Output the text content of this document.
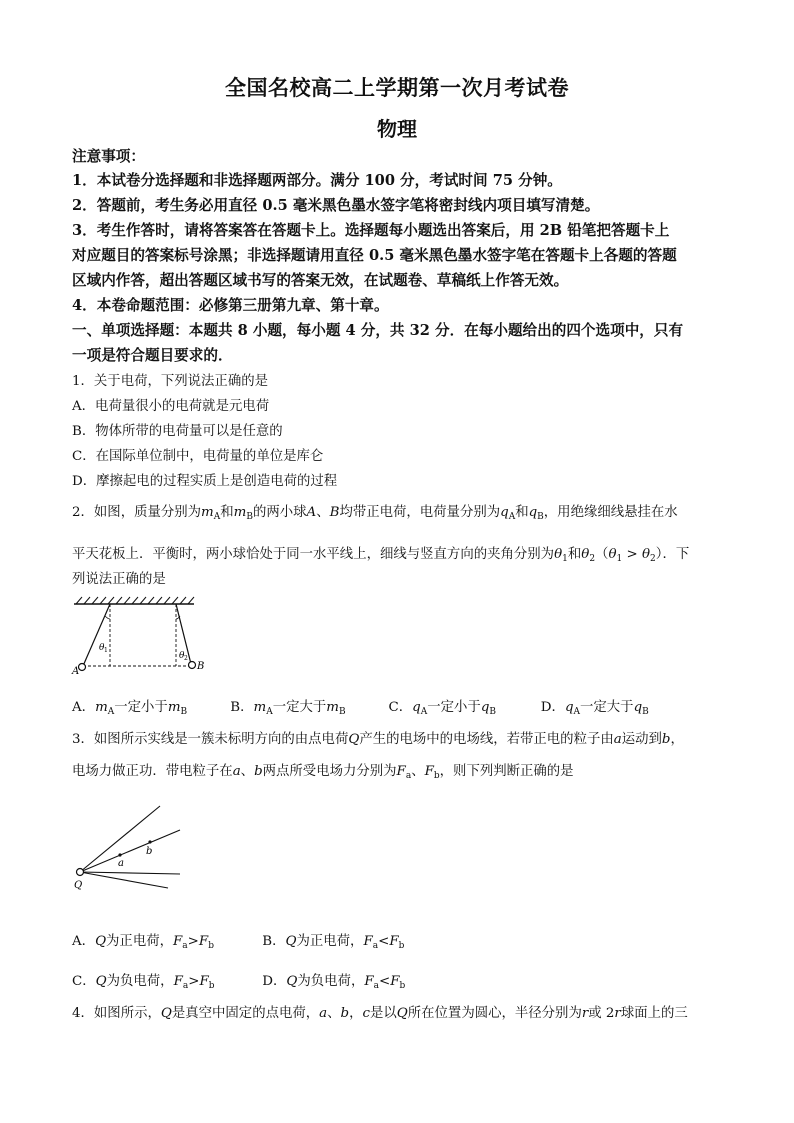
全国名校高二上学期第一次月考试卷
物理
注意事项：
1．本试卷分选择题和非选择题两部分。满分 100 分，考试时间 75 分钟。
2．答题前，考生务必用直径 0.5 毫米黑色墨水签字笔将密封线内项目填写清楚。
3．考生作答时，请将答案答在答题卡上。选择题每小题选出答案后，用 2B 铅笔把答题卡上
对应题目的答案标号涂黑；非选择题请用直径 0.5 毫米黑色墨水签字笔在答题卡上各题的答题
区域内作答，超出答题区域书写的答案无效，在试题卷、草稿纸上作答无效。
4．本卷命题范围：必修第三册第九章、第十章。
一、单项选择题：本题共 8 小题，每小题 4 分，共 32 分．在每小题给出的四个选项中，只有
一项是符合题目要求的．
1．关于电荷，下列说法正确的是
A．电荷量很小的电荷就是元电荷
B．物体所带的电荷量可以是任意的
C．在国际单位制中，电荷量的单位是库仑
D．摩擦起电的过程实质上是创造电荷的过程
2．如图，质量分别为$m_A$和$m_B$的两小球A、B均带正电荷，电荷量分别为$q_A$和$q_B$，用绝缘细线悬挂在水
平天花板上．平衡时，两小球恰处于同一水平线上，细线与竖直方向的夹角分别为$\theta_1$和$\theta_2(\theta_1 > \theta_2)$．下
列说法正确的是
θ 1
θ 2
A	B
A．$m_A$一定小于$m_B$	B．$m_A$一定大于$m_B$	C．$q_A$一定小于$q_B$	D．$q_A$一定大于$q_B$
3．如图所示实线是一簇未标明方向的由点电荷Q产生的电场中的电场线，若带正电的粒子由a运动到b，
电场力做正功．带电粒子在a、b两点所受电场力分别为$F_a$、$F_b$，则下列判断正确的是
a
b
Q
A．Q为正电荷，$F_a>F_b$	B．Q为正电荷，$F_a<F_b$
C．Q为负电荷，$F_a>F_b$	D．Q为负电荷，$F_a<F_b$
4．如图所示，Q是真空中固定的点电荷，a、b，c是以Q所在位置为圆心，半径分别为r或 2r球面上的三
